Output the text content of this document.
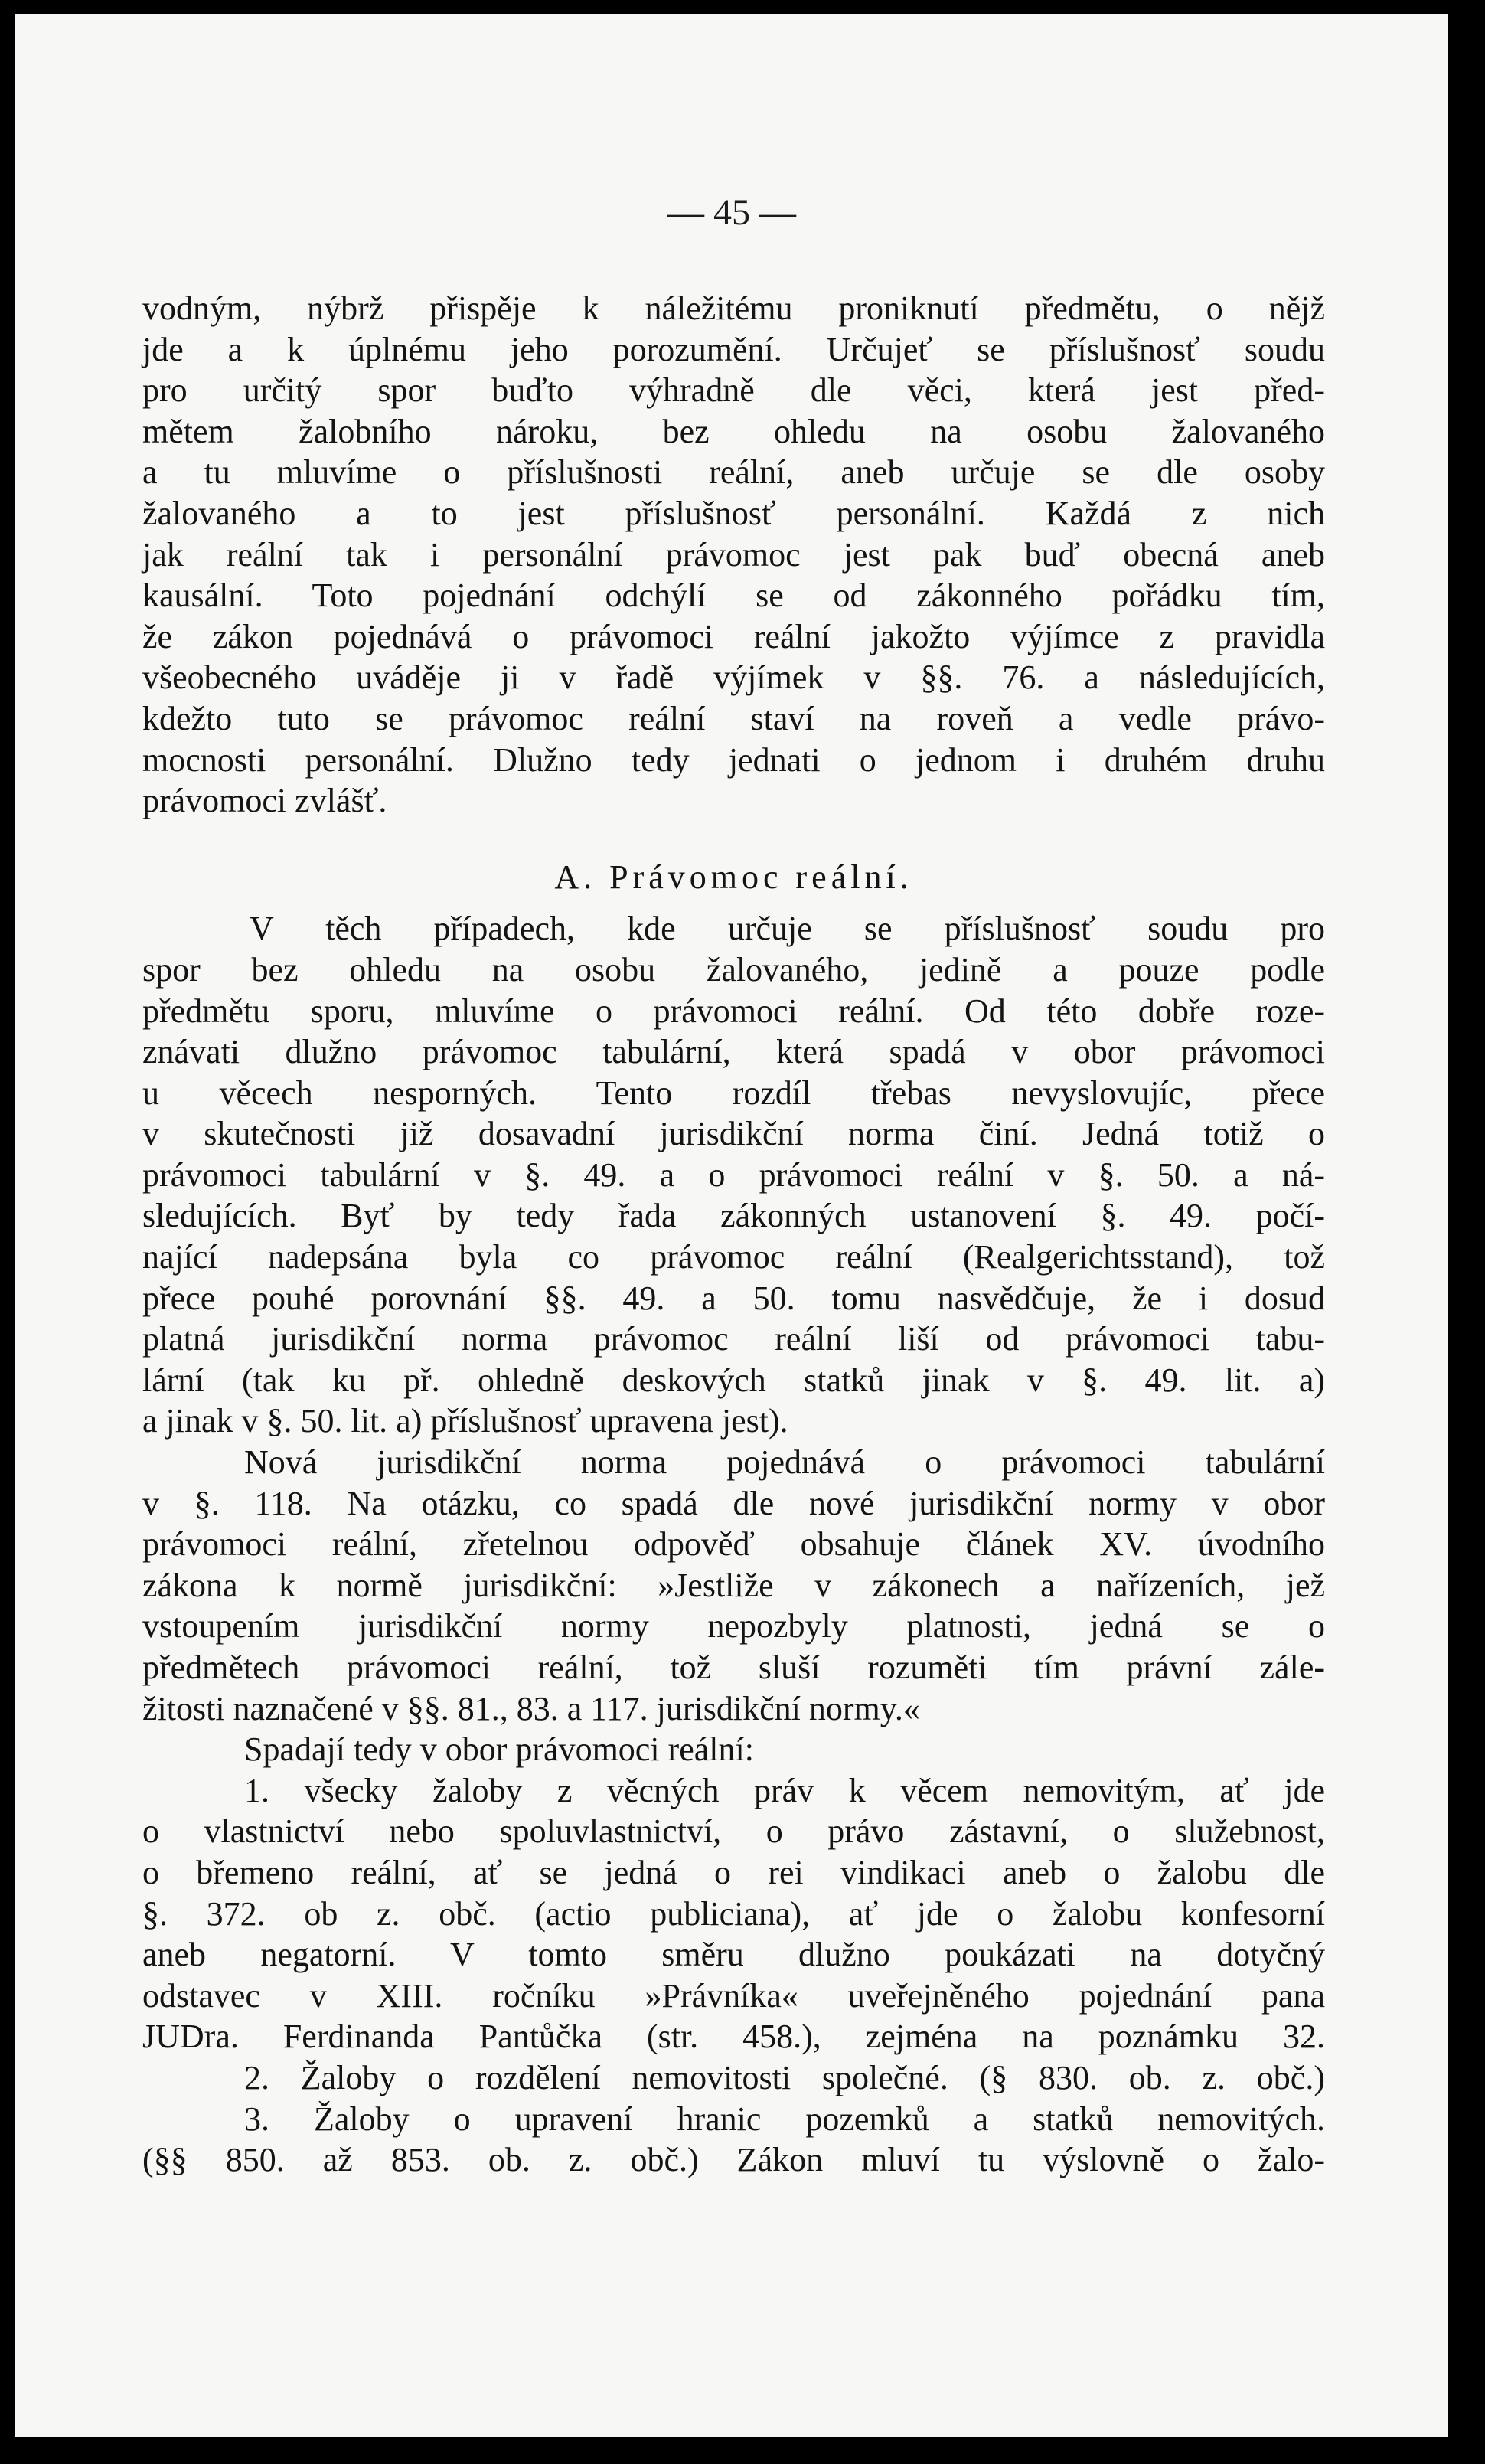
— 45 —
vodným, nýbrž přispěje k náležitému proniknutí předmětu, o nějž
jde a k úplnému jeho porozumění. Určujeť se příslušnosť soudu
pro určitý spor buďto výhradně dle věci, která jest před-
mětem žalobního nároku, bez ohledu na osobu žalovaného
a tu mluvíme o příslušnosti reální, aneb určuje se dle osoby
žalovaného a to jest příslušnosť personální. Každá z nich
jak reální tak i personální právomoc jest pak buď obecná aneb
kausální. Toto pojednání odchýlí se od zákonného pořádku tím,
že zákon pojednává o právomoci reální jakožto výjímce z pravidla
všeobecného uváděje ji v řadě výjímek v §§. 76. a následujících,
kdežto tuto se právomoc reální staví na roveň a vedle právo-
mocnosti personální. Dlužno tedy jednati o jednom i druhém druhu
právomoci zvlášť.
A. Právomoc reální.
V těch případech, kde určuje se příslušnosť soudu pro
spor bez ohledu na osobu žalovaného, jedině a pouze podle
předmětu sporu, mluvíme o právomoci reální. Od této dobře roze-
znávati dlužno právomoc tabulární, která spadá v obor právomoci
u věcech nesporných. Tento rozdíl třebas nevyslovujíc, přece
v skutečnosti již dosavadní jurisdikční norma činí. Jedná totiž o
právomoci tabulární v §. 49. a o právomoci reální v §. 50. a ná-
sledujících. Byť by tedy řada zákonných ustanovení §. 49. počí-
nající nadepsána byla co právomoc reální (Realgerichtsstand), tož
přece pouhé porovnání §§. 49. a 50. tomu nasvědčuje, že i dosud
platná jurisdikční norma právomoc reální liší od právomoci tabu-
lární (tak ku př. ohledně deskových statků jinak v §. 49. lit. a)
a jinak v §. 50. lit. a) příslušnosť upravena jest).
Nová jurisdikční norma pojednává o právomoci tabulární
v §. 118. Na otázku, co spadá dle nové jurisdikční normy v obor
právomoci reální, zřetelnou odpověď obsahuje článek XV. úvodního
zákona k normě jurisdikční: »Jestliže v zákonech a nařízeních, jež
vstoupením jurisdikční normy nepozbyly platnosti, jedná se o
předmětech právomoci reální, tož sluší rozuměti tím právní zále-
žitosti naznačené v §§. 81., 83. a 117. jurisdikční normy.«
Spadají tedy v obor právomoci reální:
1. všecky žaloby z věcných práv k věcem nemovitým, ať jde
o vlastnictví nebo spoluvlastnictví, o právo zástavní, o služebnost,
o břemeno reální, ať se jedná o rei vindikaci aneb o žalobu dle
§. 372. ob z. obč. (actio publiciana), ať jde o žalobu konfesorní
aneb negatorní. V tomto směru dlužno poukázati na dotyčný
odstavec v XIII. ročníku »Právníka« uveřejněného pojednání pana
JUDra. Ferdinanda Pantůčka (str. 458.), zejména na poznámku 32.
2. Žaloby o rozdělení nemovitosti společné. (§ 830. ob. z. obč.)
3. Žaloby o upravení hranic pozemků a statků nemovitých.
(§§ 850. až 853. ob. z. obč.) Zákon mluví tu výslovně o žalo-
